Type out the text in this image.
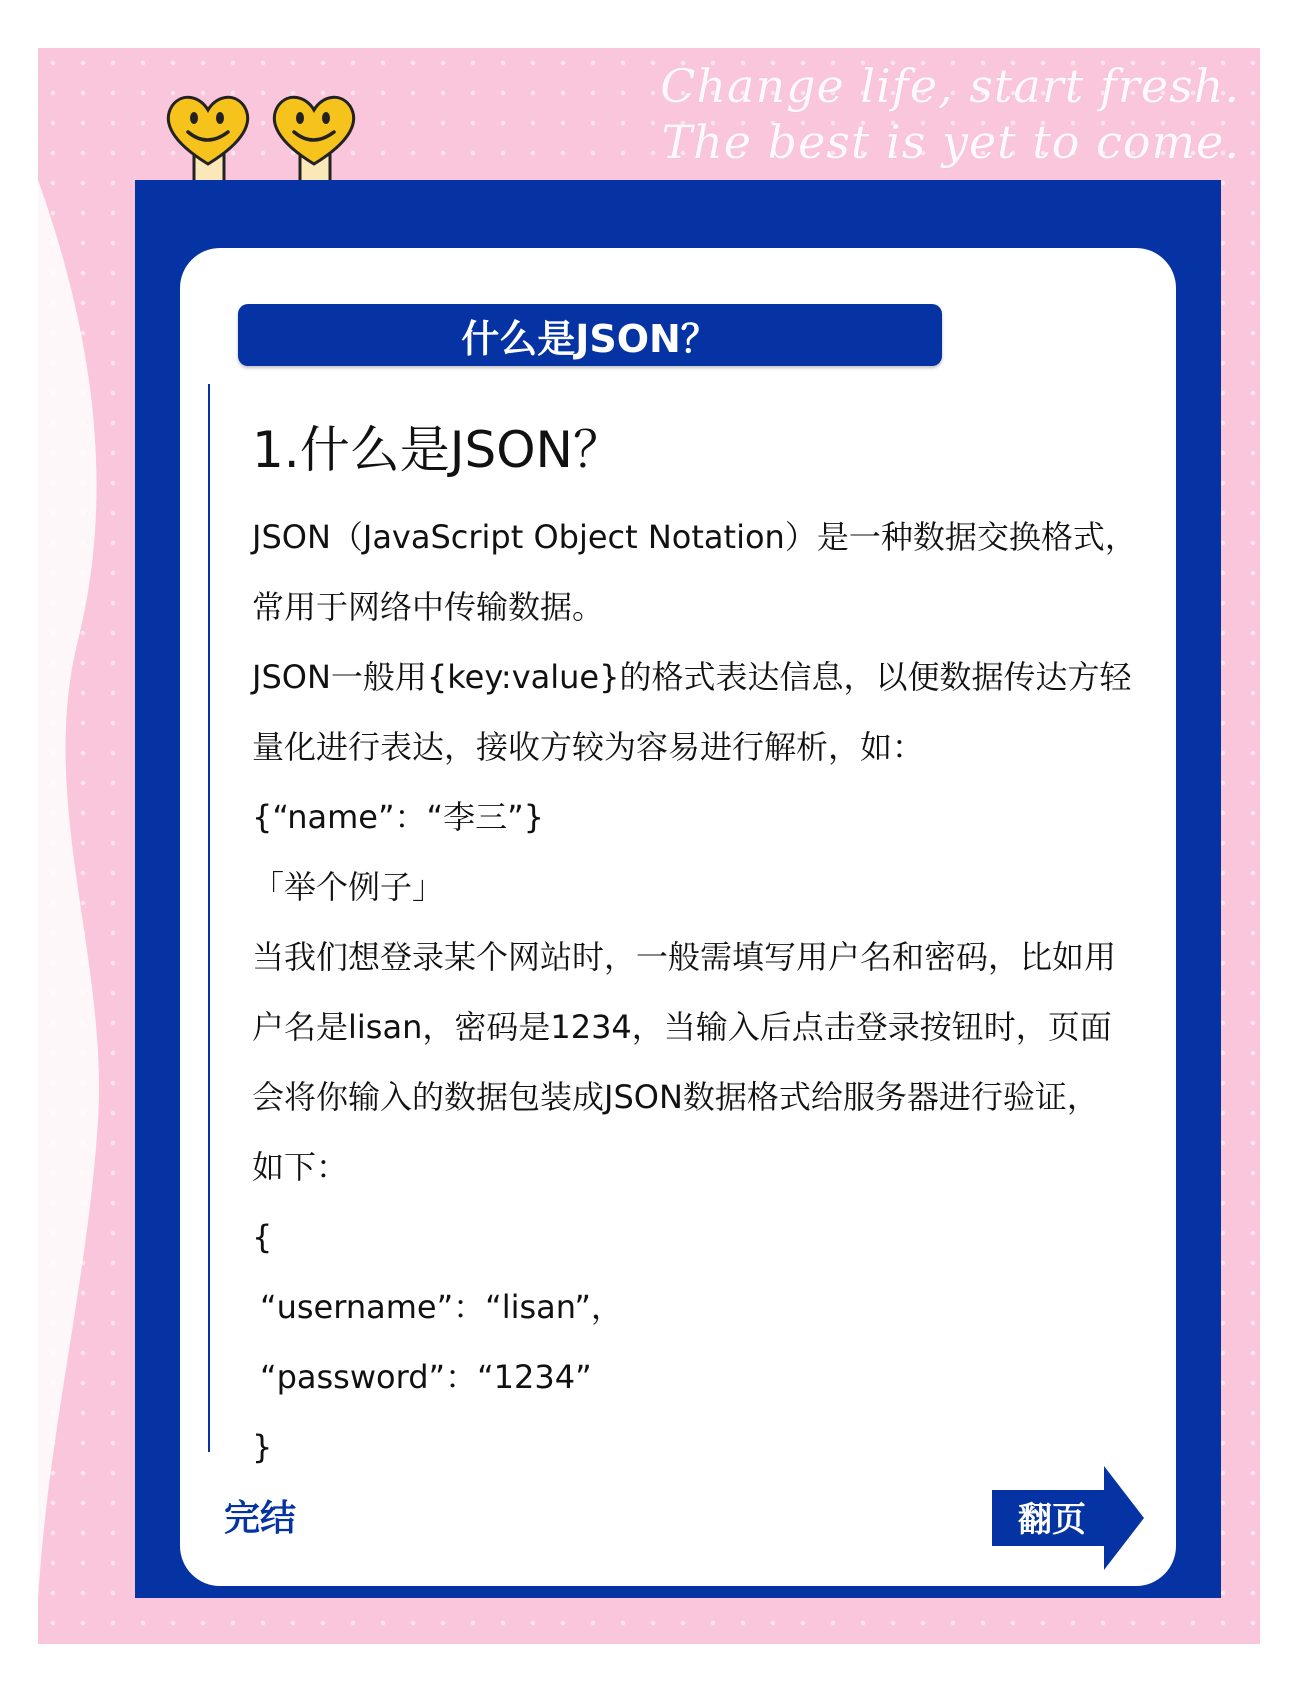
Change life, start fresh.
The best is yet to come.
什么是JSON？
1.什么是JSON？
JSON（JavaScript Object Notation）是一种数据交换格式，
常用于网络中传输数据。
JSON一般用{key:value}的格式表达信息，以便数据传达方轻
量化进行表达，接收方较为容易进行解析，如：
{“name”：“李三”}
「举个例子」
当我们想登录某个网站时，一般需填写用户名和密码，比如用
户名是lisan，密码是1234，当输入后点击登录按钮时，页面
会将你输入的数据包装成JSON数据格式给服务器进行验证，
如下：
{
“username”：“lisan”，
“password”：“1234”
}
完结	翻页
